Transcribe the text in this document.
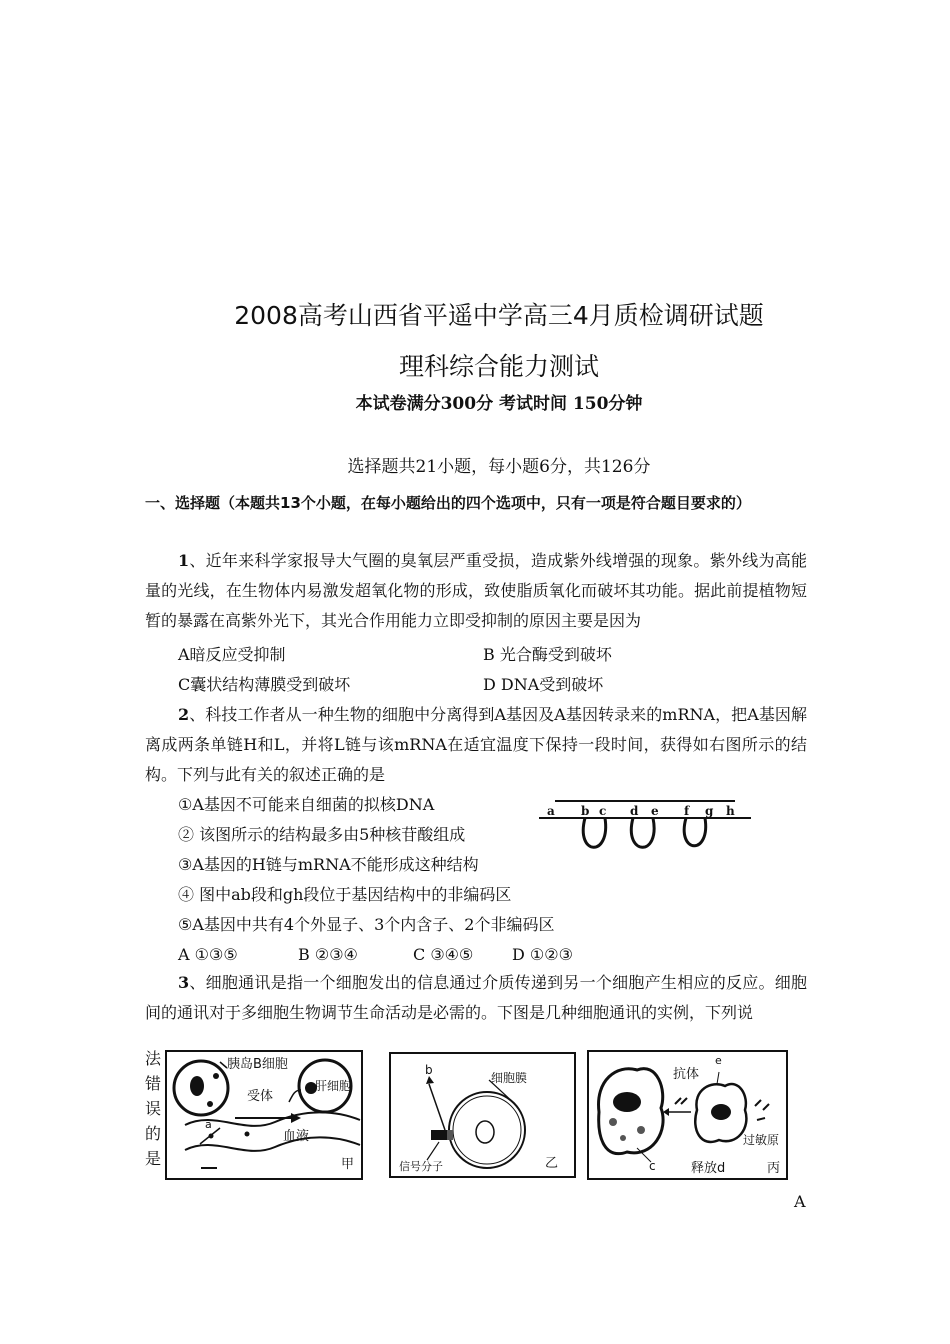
2008高考山西省平遥中学高三4月质检调研试题
理科综合能力测试
本试卷满分300分 考试时间 150分钟
选择题共21小题，每小题6分，共126分
一、选择题（本题共13个小题，在每小题给出的四个选项中，只有一项是符合题目要求的）
1、近年来科学家报导大气圈的臭氧层严重受损，造成紫外线增强的现象。紫外线为高能量的光线，在生物体内易激发超氧化物的形成，致使脂质氧化而破坏其功能。据此前提植物短暂的暴露在高紫外光下，其光合作用能力立即受抑制的原因主要是因为
A暗反应受抑制	B 光合酶受到破坏
C囊状结构薄膜受到破坏	D DNA受到破坏
2、科技工作者从一种生物的细胞中分离得到A基因及A基因转录来的mRNA，把A基因解离成两条单链H和L，并将L链与该mRNA在适宜温度下保持一段时间，获得如右图所示的结构。下列与此有关的叙述正确的是
①A基因不可能来自细菌的拟核DNA
② 该图所示的结构最多由5种核苷酸组成
③A基因的H链与mRNA不能形成这种结构
④ 图中ab段和gh段位于基因结构中的非编码区
⑤A基因中共有4个外显子、3个内含子、2个非编码区
A ①③⑤	B ②③④	C ③④⑤ D ①②③
a b c d e f g h
3、细胞通讯是指一个细胞发出的信息通过介质传递到另一个细胞产生相应的反应。细胞间的通讯对于多细胞生物调节生命活动是必需的。下图是几种细胞通讯的实例，下列说
法
错
误
的
是
胰岛B细胞
受体
肝细胞
血液
a
甲
b
细胞膜
信号分子	乙
抗体
e
过敏原
c	释放d	丙
A
